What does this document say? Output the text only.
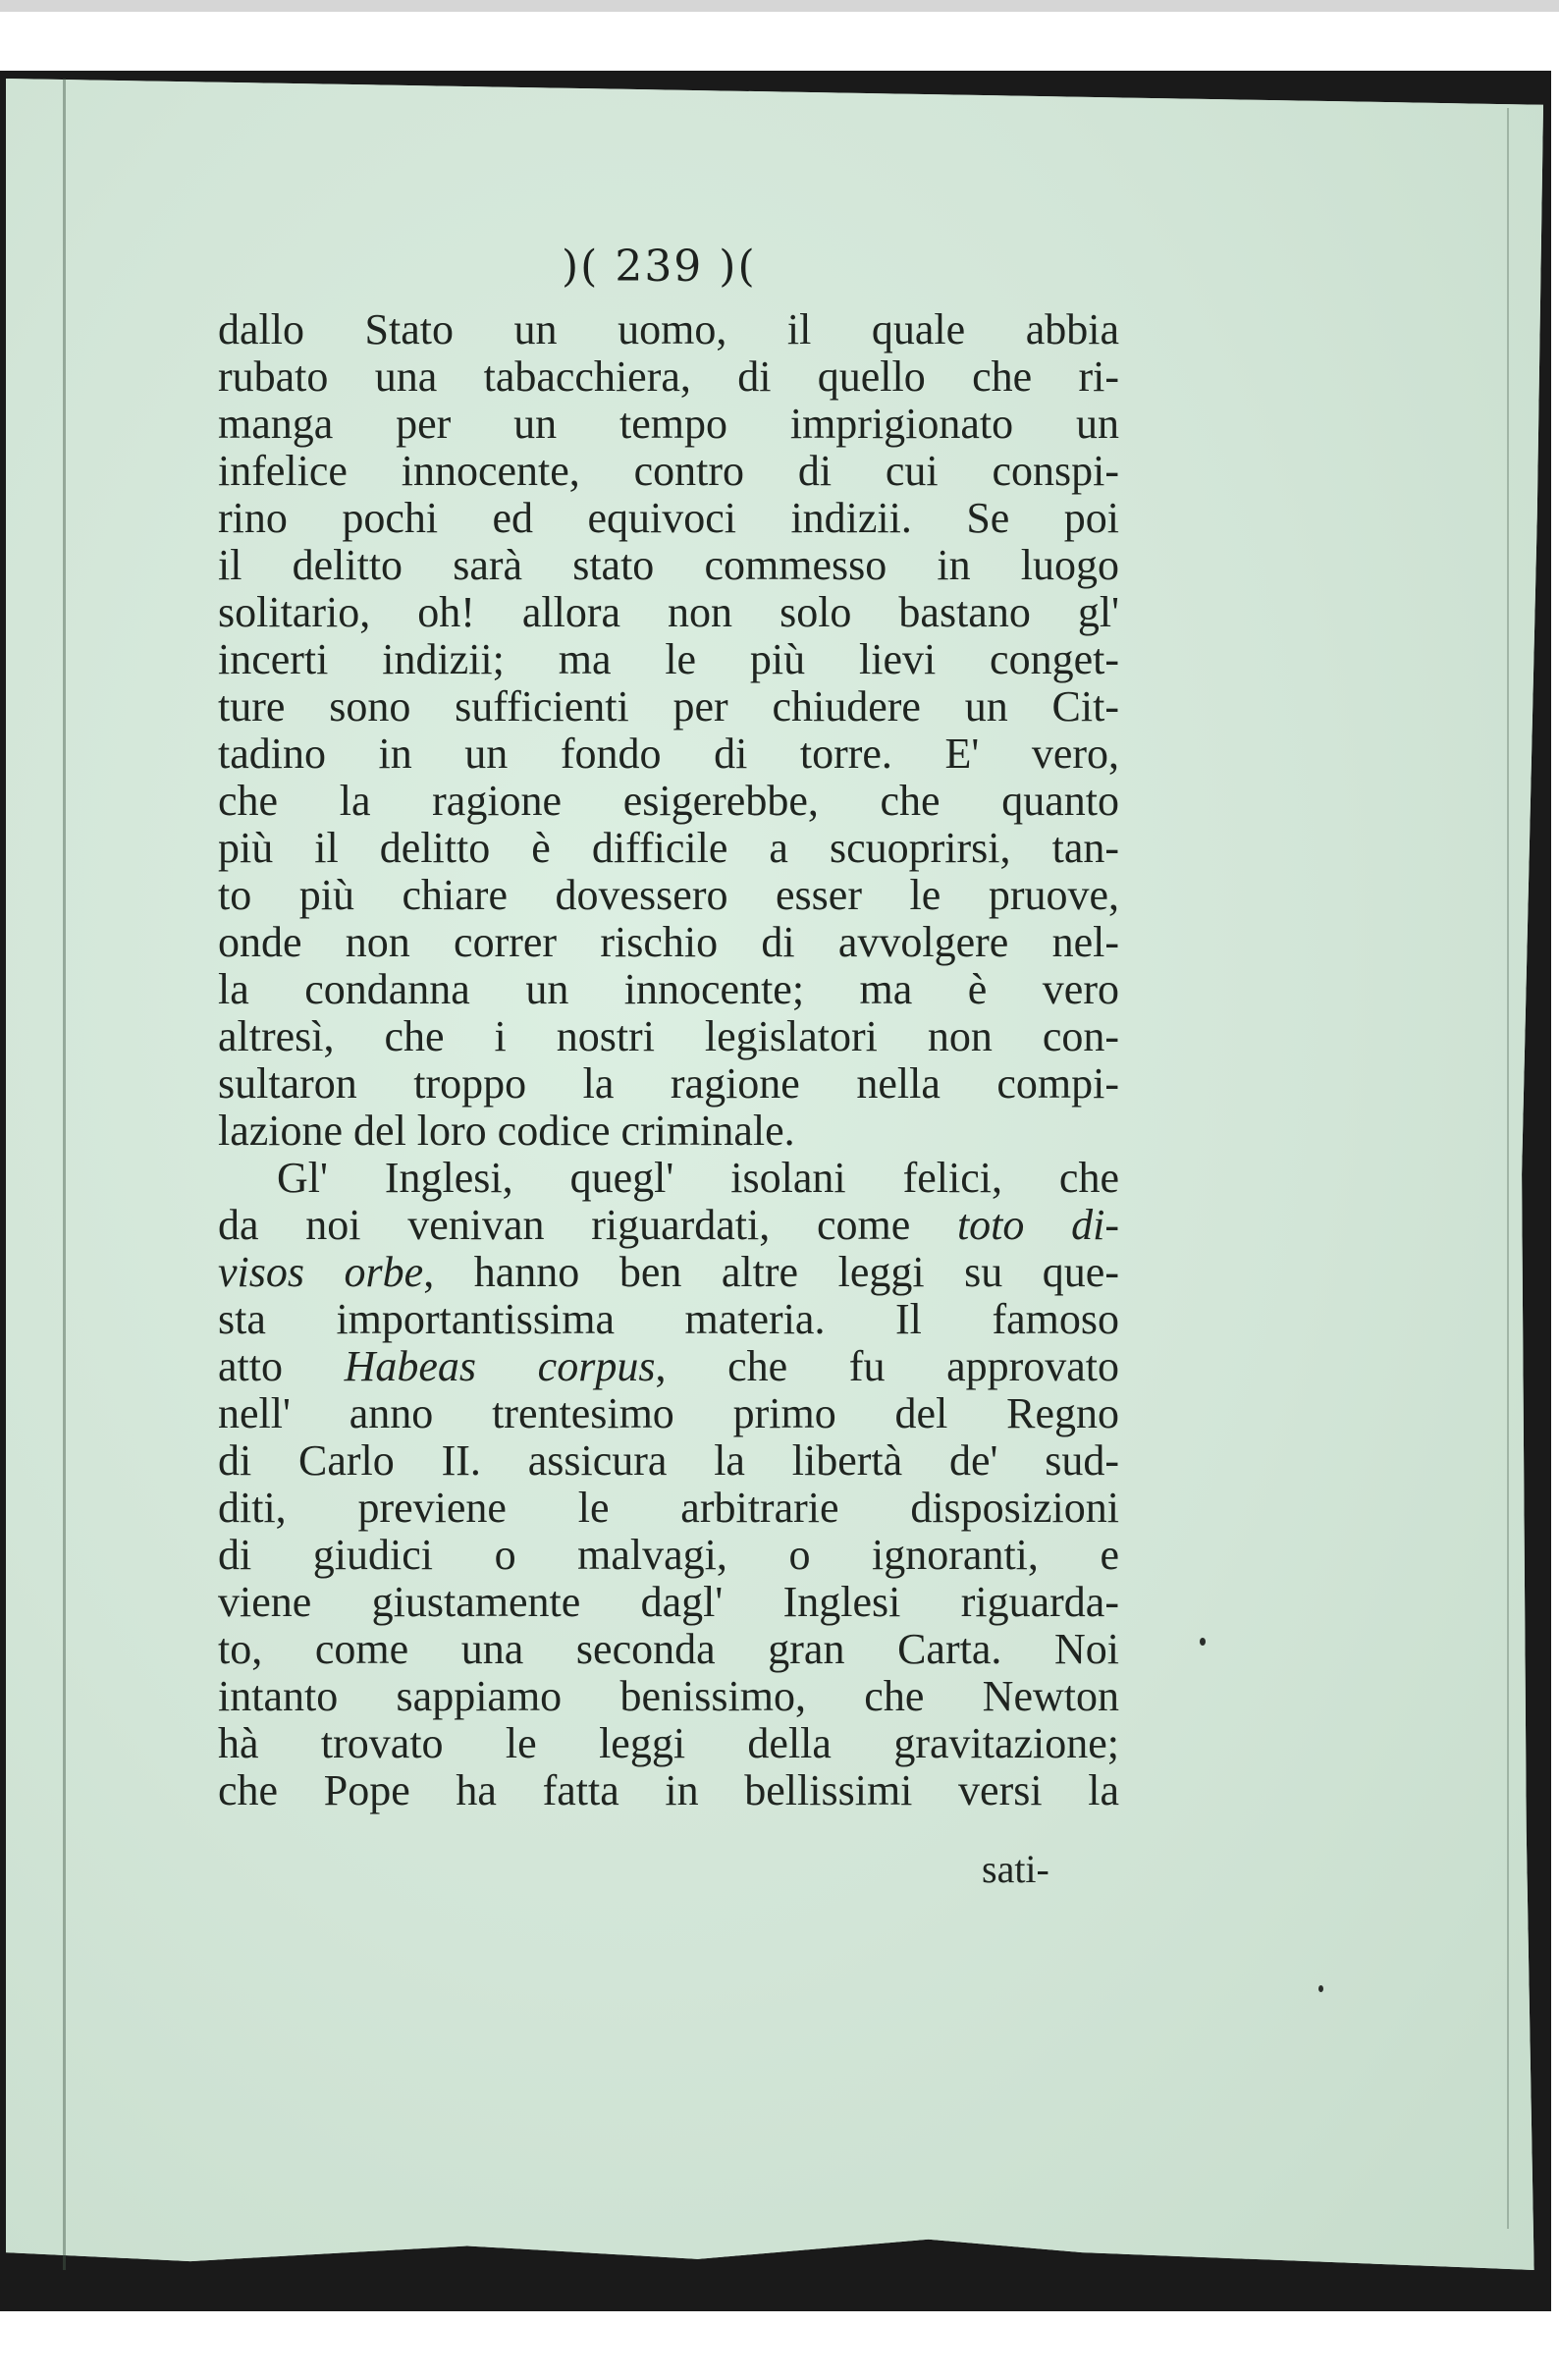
)( 239 )(
dallo Stato un uomo, il quale abbia
rubato una tabacchiera, di quello che ri-
manga per un tempo imprigionato un
infelice innocente, contro di cui conspi-
rino pochi ed equivoci indizii. Se poi
il delitto sarà stato commesso in luogo
solitario, oh! allora non solo bastano gl'
incerti indizii; ma le più lievi conget-
ture sono sufficienti per chiudere un Cit-
tadino in un fondo di torre. E' vero,
che la ragione esigerebbe, che quanto
più il delitto è difficile a scuoprirsi, tan-
to più chiare dovessero esser le pruove,
onde non correr rischio di avvolgere nel-
la condanna un innocente; ma è vero
altresì, che i nostri legislatori non con-
sultaron troppo la ragione nella compi-
lazione del loro codice criminale.
Gl' Inglesi, quegl' isolani felici, che
da noi venivan riguardati, come toto di-
visos orbe, hanno ben altre leggi su que-
sta importantissima materia. Il famoso
atto Habeas corpus, che fu approvato
nell' anno trentesimo primo del Regno
di Carlo II. assicura la libertà de' sud-
diti, previene le arbitrarie disposizioni
di giudici o malvagi, o ignoranti, e
viene giustamente dagl' Inglesi riguarda-
to, come una seconda gran Carta. Noi
intanto sappiamo benissimo, che Newton
hà trovato le leggi della gravitazione;
che Pope ha fatta in bellissimi versi la
sati-
